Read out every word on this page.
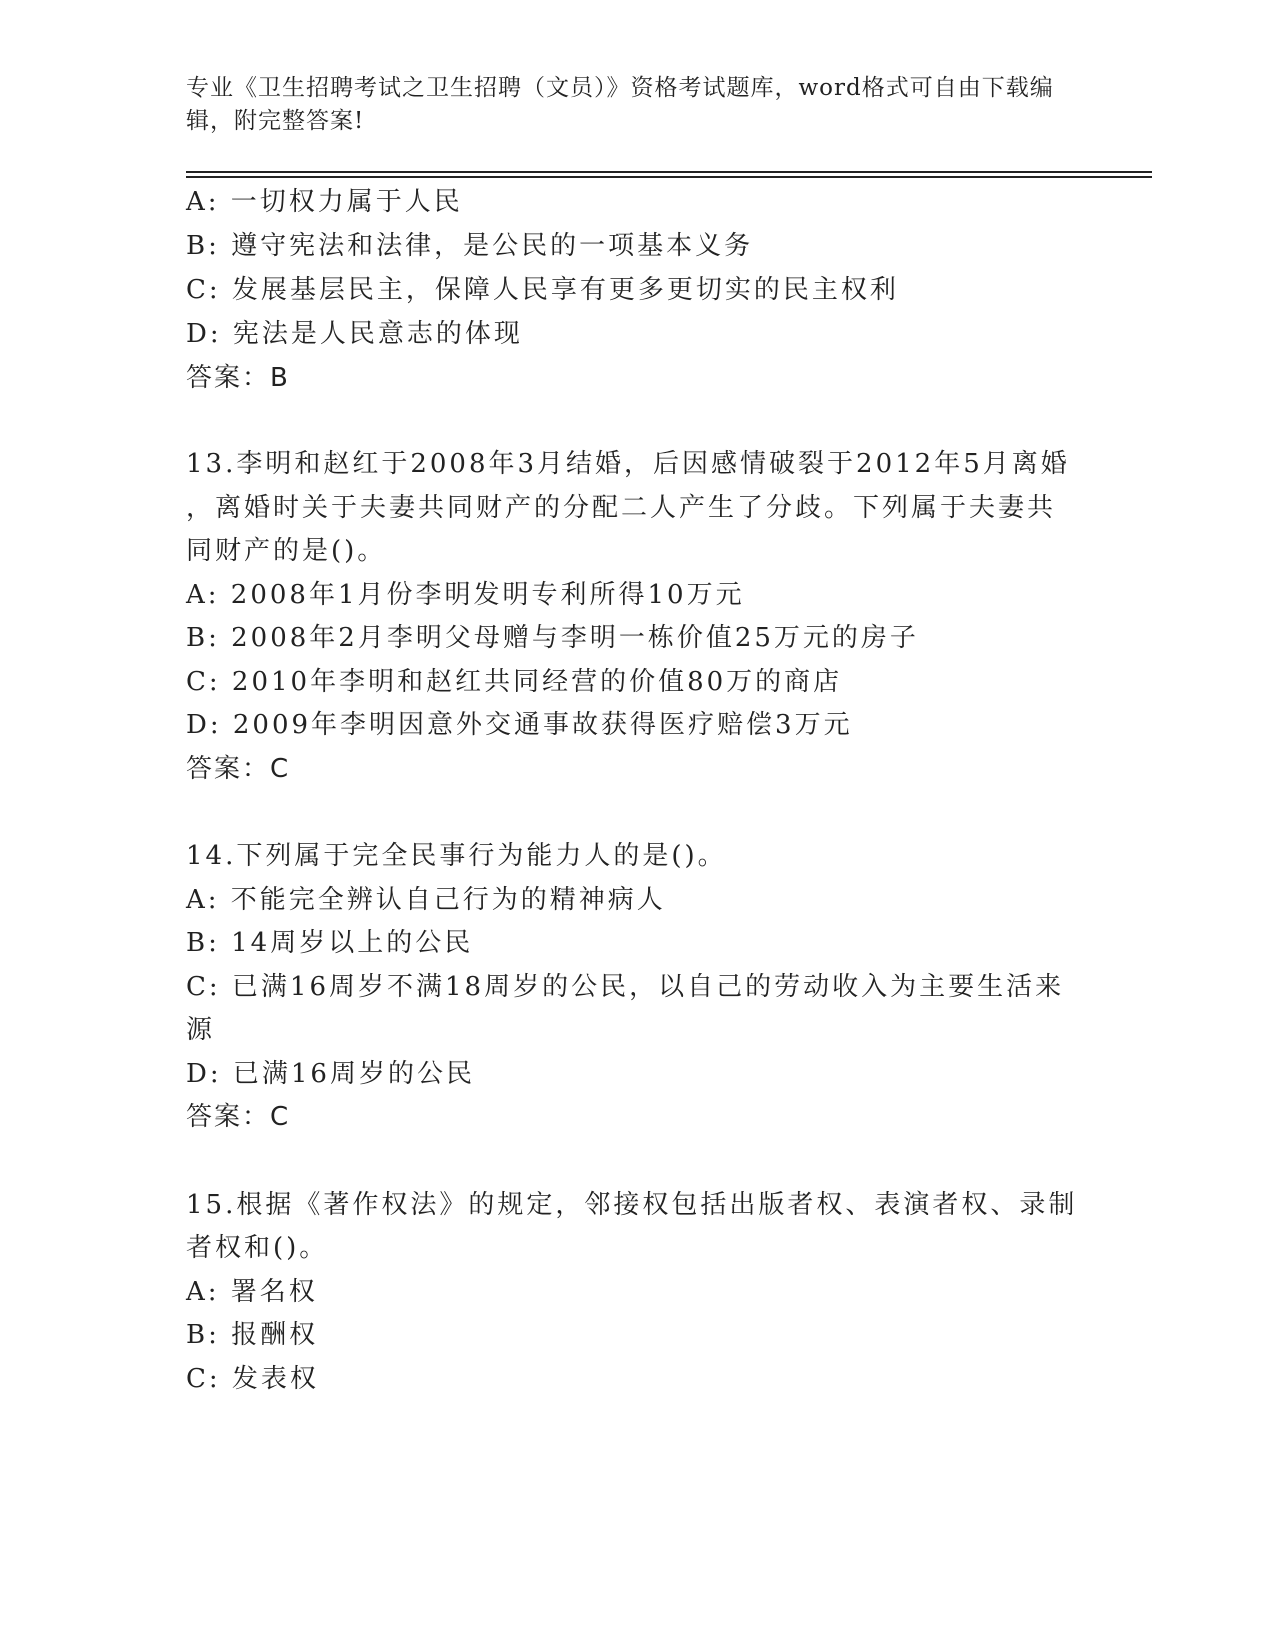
专业《卫生招聘考试之卫生招聘（文员）》资格考试题库，word格式可自由下载编辑，附完整答案!
A: 一切权力属于人民
B: 遵守宪法和法律，是公民的一项基本义务
C: 发展基层民主，保障人民享有更多更切实的民主权利
D: 宪法是人民意志的体现
答案：B
13.李明和赵红于2008年3月结婚，后因感情破裂于2012年5月离婚
，离婚时关于夫妻共同财产的分配二人产生了分歧。下列属于夫妻共
同财产的是()。
A: 2008年1月份李明发明专利所得10万元
B: 2008年2月李明父母赠与李明一栋价值25万元的房子
C: 2010年李明和赵红共同经营的价值80万的商店
D: 2009年李明因意外交通事故获得医疗赔偿3万元
答案：C
14.下列属于完全民事行为能力人的是()。
A: 不能完全辨认自己行为的精神病人
B: 14周岁以上的公民
C: 已满16周岁不满18周岁的公民，以自己的劳动收入为主要生活来
源
D: 已满16周岁的公民
答案：C
15.根据《著作权法》的规定，邻接权包括出版者权、表演者权、录制
者权和()。
A: 署名权
B: 报酬权
C: 发表权
